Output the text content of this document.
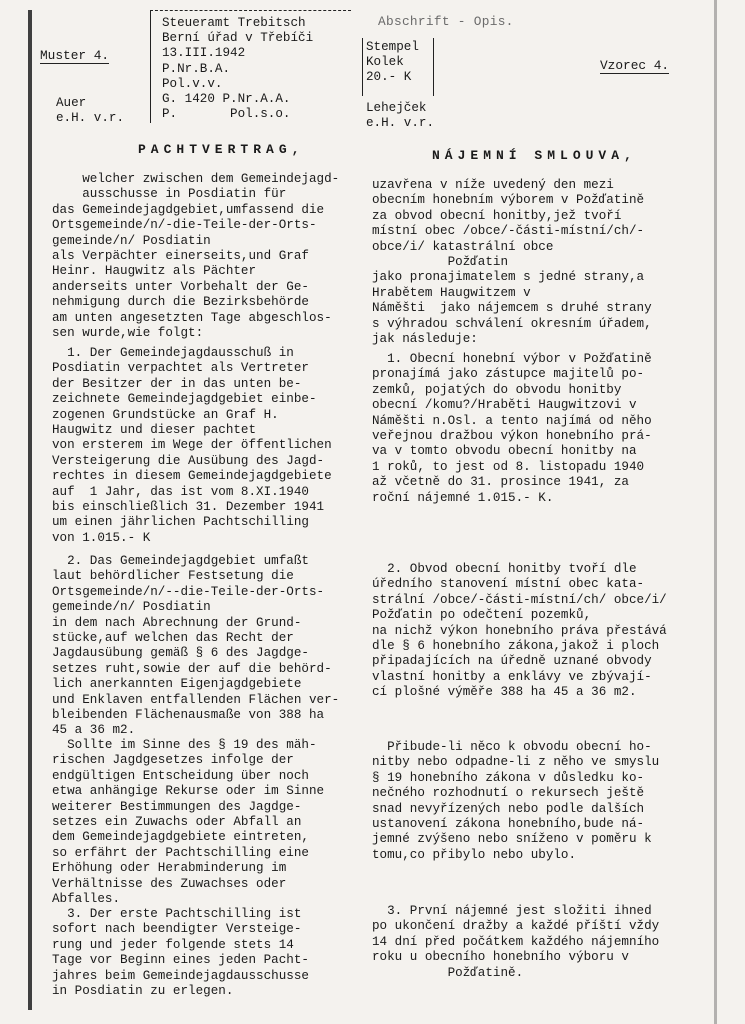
Muster 4.
Vzorec 4.
Abschrift - Opis.
Auer
e.H. v.r.
Steueramt Trebitsch
Berní úřad v Třebíči
13.III.1942
P.Nr.B.A.
Pol.v.v.
G. 1420 P.Nr.A.A.
P.       Pol.s.o.
Stempel
Kolek
20.- K
Lehejček
e.H. v.r.
PACHTVERTRAG,
welcher zwischen dem Gemeindejagd-
ausschusse in Posdiatin für
das Gemeindejagdgebiet,umfassend die
Ortsgemeinde/n/-die-Teile-der-Orts-
gemeinde/n/ Posdiatin
als Verpächter einerseits,und Graf
Heinr. Haugwitz als Pächter
anderseits unter Vorbehalt der Ge-
nehmigung durch die Bezirksbehörde
am unten angesetzten Tage abgeschlos-
sen wurde,wie folgt:
1. Der Gemeindejagdausschuß in
Posdiatin verpachtet als Vertreter
der Besitzer der in das unten be-
zeichnete Gemeindejagdgebiet einbe-
zogenen Grundstücke an Graf H.
Haugwitz und dieser pachtet
von ersterem im Wege der öffentlichen
Versteigerung die Ausübung des Jagd-
rechtes in diesem Gemeindejagdgebiete
auf  1 Jahr, das ist vom 8.XI.1940
bis einschließlich 31. Dezember 1941
um einen jährlichen Pachtschilling
von 1.015.- K
2. Das Gemeindejagdgebiet umfaßt
laut behördlicher Festsetung die
Ortsgemeinde/n/--die-Teile-der-Orts-
gemeinde/n/ Posdiatin
in dem nach Abrechnung der Grund-
stücke,auf welchen das Recht der
Jagdausübung gemäß § 6 des Jagdge-
setzes ruht,sowie der auf die behörd-
lich anerkannten Eigenjagdgebiete
und Enklaven entfallenden Flächen ver-
bleibenden Flächenausmaße von 388 ha
45 a 36 m2.
Sollte im Sinne des § 19 des mäh-
rischen Jagdgesetzes infolge der
endgültigen Entscheidung über noch
etwa anhängige Rekurse oder im Sinne
weiterer Bestimmungen des Jagdge-
setzes ein Zuwachs oder Abfall an
dem Gemeindejagdgebiete eintreten,
so erfährt der Pachtschilling eine
Erhöhung oder Herabminderung im
Verhältnisse des Zuwachses oder
Abfalles.
3. Der erste Pachtschilling ist
sofort nach beendigter Versteige-
rung und jeder folgende stets 14
Tage vor Beginn eines jeden Pacht-
jahres beim Gemeindejagdausschusse
in Posdiatin zu erlegen.
NÁJEMNÍ SMLOUVA,
uzavřena v níže uvedený den mezi
obecním honebním výborem v Požďatině
za obvod obecní honitby,jež tvoří
místní obec /obce/-části-místní/ch/-
obce/i/ katastrální obce
Požďatin
jako pronajimatelem s jedné strany,a
Hrabětem Haugwitzem v
Náměšti  jako nájemcem s druhé strany
s výhradou schválení okresním úřadem,
jak následuje:
1. Obecní honební výbor v Požďatině
pronajímá jako zástupce majitelů po-
zemků, pojatých do obvodu honitby
obecní /komu?/Hraběti Haugwitzovi v
Náměšti n.Osl. a tento najímá od něho
veřejnou dražbou výkon honebního prá-
va v tomto obvodu obecní honitby na
1 roků, to jest od 8. listopadu 1940
až včetně do 31. prosince 1941, za
roční nájemné 1.015.- K.
2. Obvod obecní honitby tvoří dle
úředního stanovení místní obec kata-
strální /obce/-části-místní/ch/ obce/i/
Požďatin po odečtení pozemků,
na nichž výkon honebního práva přestává
dle § 6 honebního zákona,jakož i ploch
připadajících na úředně uznané obvody
vlastní honitby a enklávy ve zbývají-
cí plošné výměře 388 ha 45 a 36 m2.
Přibude-li něco k obvodu obecní ho-
nitby nebo odpadne-li z něho ve smyslu
§ 19 honebního zákona v důsledku ko-
nečného rozhodnutí o rekursech ještě
snad nevyřízených nebo podle dalších
ustanovení zákona honebního,bude ná-
jemné zvýšeno nebo sníženo v poměru k
tomu,co přibylo nebo ubylo.
3. První nájemné jest složiti ihned
po ukončení dražby a každé příští vždy
14 dní před počátkem každého nájemního
roku u obecního honebního výboru v
Požďatině.
